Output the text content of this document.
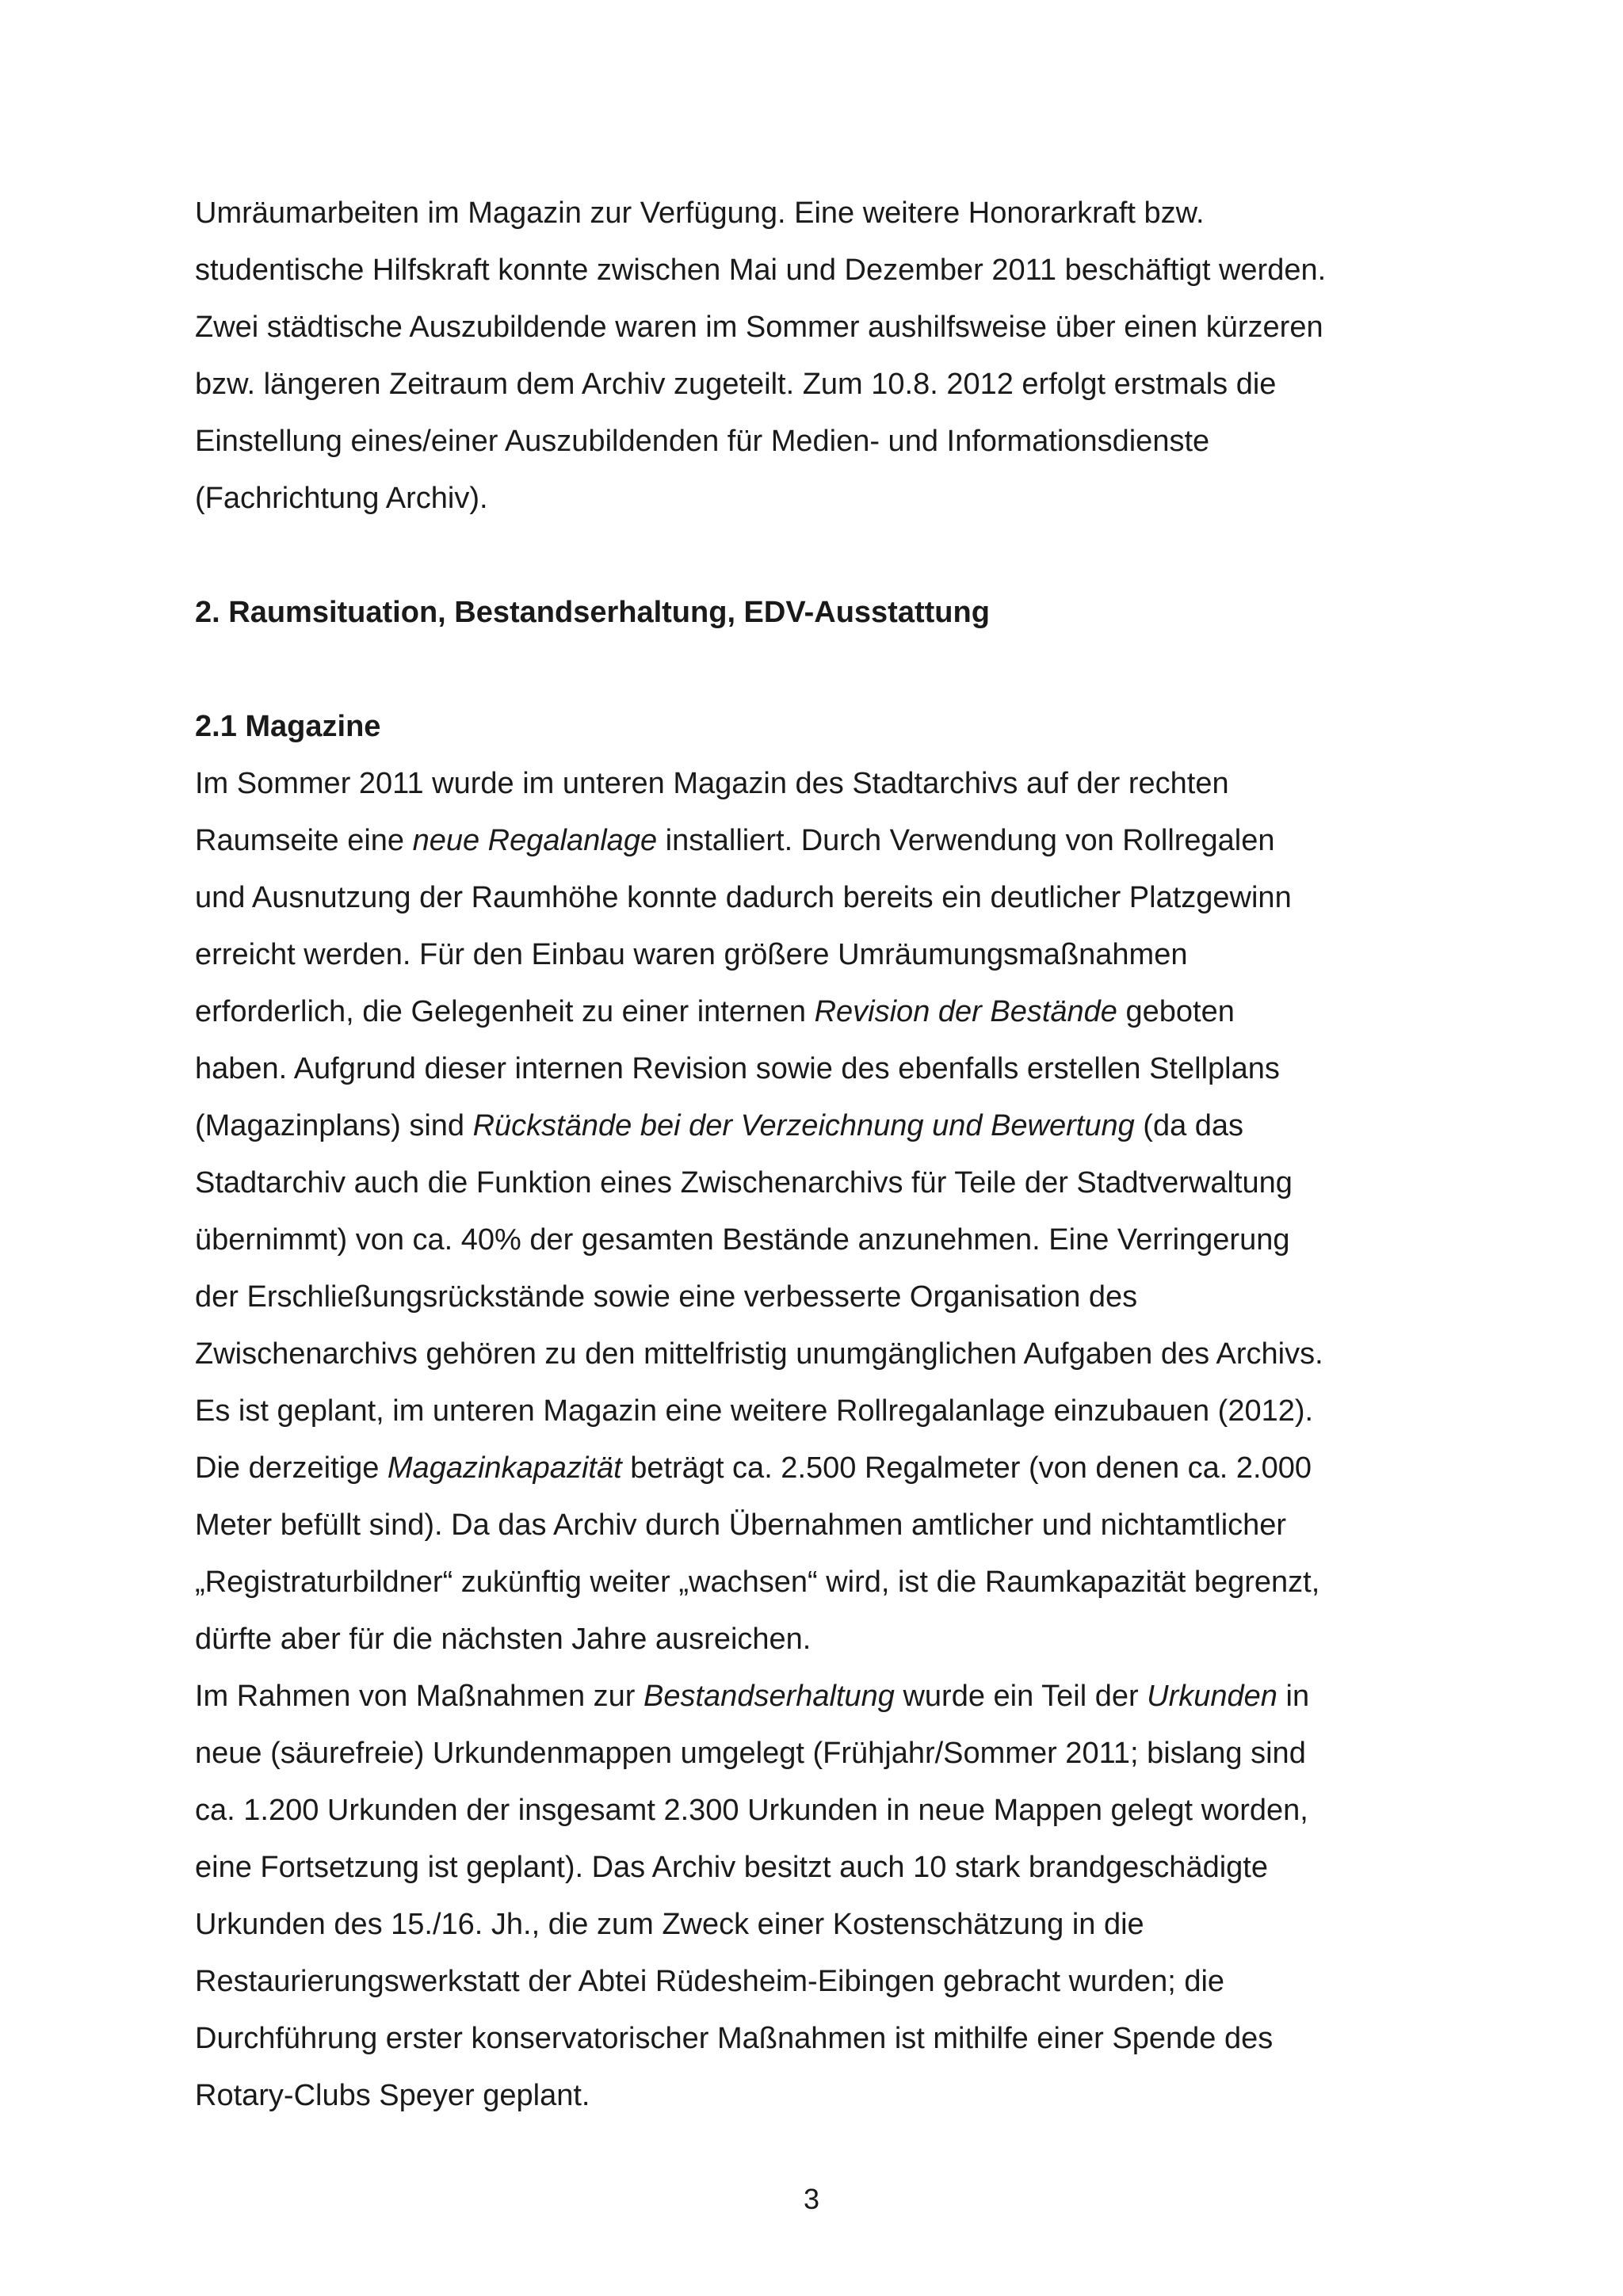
Umräumarbeiten im Magazin zur Verfügung. Eine weitere Honorarkraft bzw.
studentische Hilfskraft konnte zwischen Mai und Dezember 2011 beschäftigt werden.
Zwei städtische Auszubildende waren im Sommer aushilfsweise über einen kürzeren
bzw. längeren Zeitraum dem Archiv zugeteilt. Zum 10.8. 2012 erfolgt erstmals die
Einstellung eines/einer Auszubildenden für Medien- und Informationsdienste
(Fachrichtung Archiv).
2. Raumsituation, Bestandserhaltung, EDV-Ausstattung
2.1 Magazine
Im Sommer 2011 wurde im unteren Magazin des Stadtarchivs auf der rechten
Raumseite eine neue Regalanlage installiert. Durch Verwendung von Rollregalen
und Ausnutzung der Raumhöhe konnte dadurch bereits ein deutlicher Platzgewinn
erreicht werden. Für den Einbau waren größere Umräumungsmaßnahmen
erforderlich, die Gelegenheit zu einer internen Revision der Bestände geboten
haben. Aufgrund dieser internen Revision sowie des ebenfalls erstellen Stellplans
(Magazinplans) sind Rückstände bei der Verzeichnung und Bewertung (da das
Stadtarchiv auch die Funktion eines Zwischenarchivs für Teile der Stadtverwaltung
übernimmt) von ca. 40% der gesamten Bestände anzunehmen. Eine Verringerung
der Erschließungsrückstände sowie eine verbesserte Organisation des
Zwischenarchivs gehören zu den mittelfristig unumgänglichen Aufgaben des Archivs.
Es ist geplant, im unteren Magazin eine weitere Rollregalanlage einzubauen (2012).
Die derzeitige Magazinkapazität beträgt ca. 2.500 Regalmeter (von denen ca. 2.000
Meter befüllt sind). Da das Archiv durch Übernahmen amtlicher und nichtamtlicher
„Registraturbildner“ zukünftig weiter „wachsen“ wird, ist die Raumkapazität begrenzt,
dürfte aber für die nächsten Jahre ausreichen.
Im Rahmen von Maßnahmen zur Bestandserhaltung wurde ein Teil der Urkunden in
neue (säurefreie) Urkundenmappen umgelegt (Frühjahr/Sommer 2011; bislang sind
ca. 1.200 Urkunden der insgesamt 2.300 Urkunden in neue Mappen gelegt worden,
eine Fortsetzung ist geplant). Das Archiv besitzt auch 10 stark brandgeschädigte
Urkunden des 15./16. Jh., die zum Zweck einer Kostenschätzung in die
Restaurierungswerkstatt der Abtei Rüdesheim-Eibingen gebracht wurden; die
Durchführung erster konservatorischer Maßnahmen ist mithilfe einer Spende des
Rotary-Clubs Speyer geplant.
3
